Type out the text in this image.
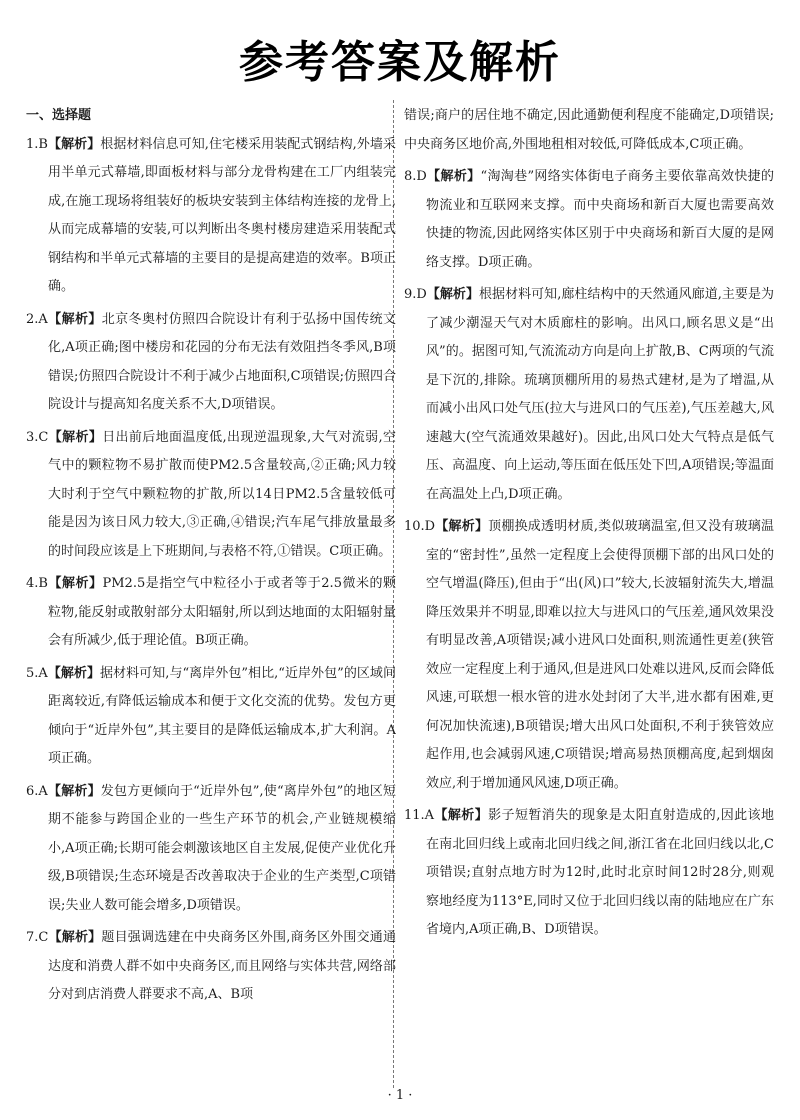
参考答案及解析

一、选择题

1.B【解析】根据材料信息可知,住宅楼采用装配式钢结构,外墙采用半单元式幕墙,即面板材料与部分龙骨构建在工厂内组装完成,在施工现场将组装好的板块安装到主体结构连接的龙骨上,从而完成幕墙的安装,可以判断出冬奥村楼房建造采用装配式钢结构和半单元式幕墙的主要目的是提高建造的效率。B项正确。

2.A【解析】北京冬奥村仿照四合院设计有利于弘扬中国传统文化,A项正确;图中楼房和花园的分布无法有效阻挡冬季风,B项错误;仿照四合院设计不利于减少占地面积,C项错误;仿照四合院设计与提高知名度关系不大,D项错误。

3.C【解析】日出前后地面温度低,出现逆温现象,大气对流弱,空气中的颗粒物不易扩散而使PM2.5含量较高,②正确;风力较大时利于空气中颗粒物的扩散,所以14日PM2.5含量较低可能是因为该日风力较大,③正确,④错误;汽车尾气排放量最多的时间段应该是上下班期间,与表格不符,①错误。C项正确。

4.B【解析】PM2.5是指空气中粒径小于或者等于2.5微米的颗粒物,能反射或散射部分太阳辐射,所以到达地面的太阳辐射量会有所减少,低于理论值。B项正确。

5.A【解析】据材料可知,与“离岸外包”相比,“近岸外包”的区域间距离较近,有降低运输成本和便于文化交流的优势。发包方更倾向于“近岸外包”,其主要目的是降低运输成本,扩大利润。A项正确。

6.A【解析】发包方更倾向于“近岸外包”,使“离岸外包”的地区短期不能参与跨国企业的一些生产环节的机会,产业链规模缩小,A项正确;长期可能会刺激该地区自主发展,促使产业优化升级,B项错误;生态环境是否改善取决于企业的生产类型,C项错误;失业人数可能会增多,D项错误。

7.C【解析】题目强调选建在中央商务区外围,商务区外围交通通达度和消费人群不如中央商务区,而且网络与实体共营,网络部分对到店消费人群要求不高,A、B项

错误;商户的居住地不确定,因此通勤便利程度不能确定,D项错误;中央商务区地价高,外围地租相对较低,可降低成本,C项正确。

8.D【解析】“淘淘巷”网络实体街电子商务主要依靠高效快捷的物流业和互联网来支撑。而中央商场和新百大厦也需要高效快捷的物流,因此网络实体区别于中央商场和新百大厦的是网络支撑。D项正确。

9.D【解析】根据材料可知,廊柱结构中的天然通风廊道,主要是为了减少潮湿天气对木质廊柱的影响。出风口,顾名思义是“出风”的。据图可知,气流流动方向是向上扩散,B、C两项的气流是下沉的,排除。琉璃顶棚所用的易热式建材,是为了增温,从而减小出风口处气压(拉大与进风口的气压差),气压差越大,风速越大(空气流通效果越好)。因此,出风口处大气特点是低气压、高温度、向上运动,等压面在低压处下凹,A项错误;等温面在高温处上凸,D项正确。

10.D【解析】顶棚换成透明材质,类似玻璃温室,但又没有玻璃温室的“密封性”,虽然一定程度上会使得顶棚下部的出风口处的空气增温(降压),但由于“出(风)口”较大,长波辐射流失大,增温降压效果并不明显,即难以拉大与进风口的气压差,通风效果没有明显改善,A项错误;减小进风口处面积,则流通性更差(狭管效应一定程度上利于通风,但是进风口处难以进风,反而会降低风速,可联想一根水管的进水处封闭了大半,进水都有困难,更何况加快流速),B项错误;增大出风口处面积,不利于狭管效应起作用,也会减弱风速,C项错误;增高易热顶棚高度,起到烟囱效应,利于增加通风风速,D项正确。

11.A【解析】影子短暂消失的现象是太阳直射造成的,因此该地在南北回归线上或南北回归线之间,浙江省在北回归线以北,C项错误;直射点地方时为12时,此时北京时间12时28分,则观察地经度为113°E,同时又位于北回归线以南的陆地应在广东省境内,A项正确,B、D项错误。

· 1 ·
